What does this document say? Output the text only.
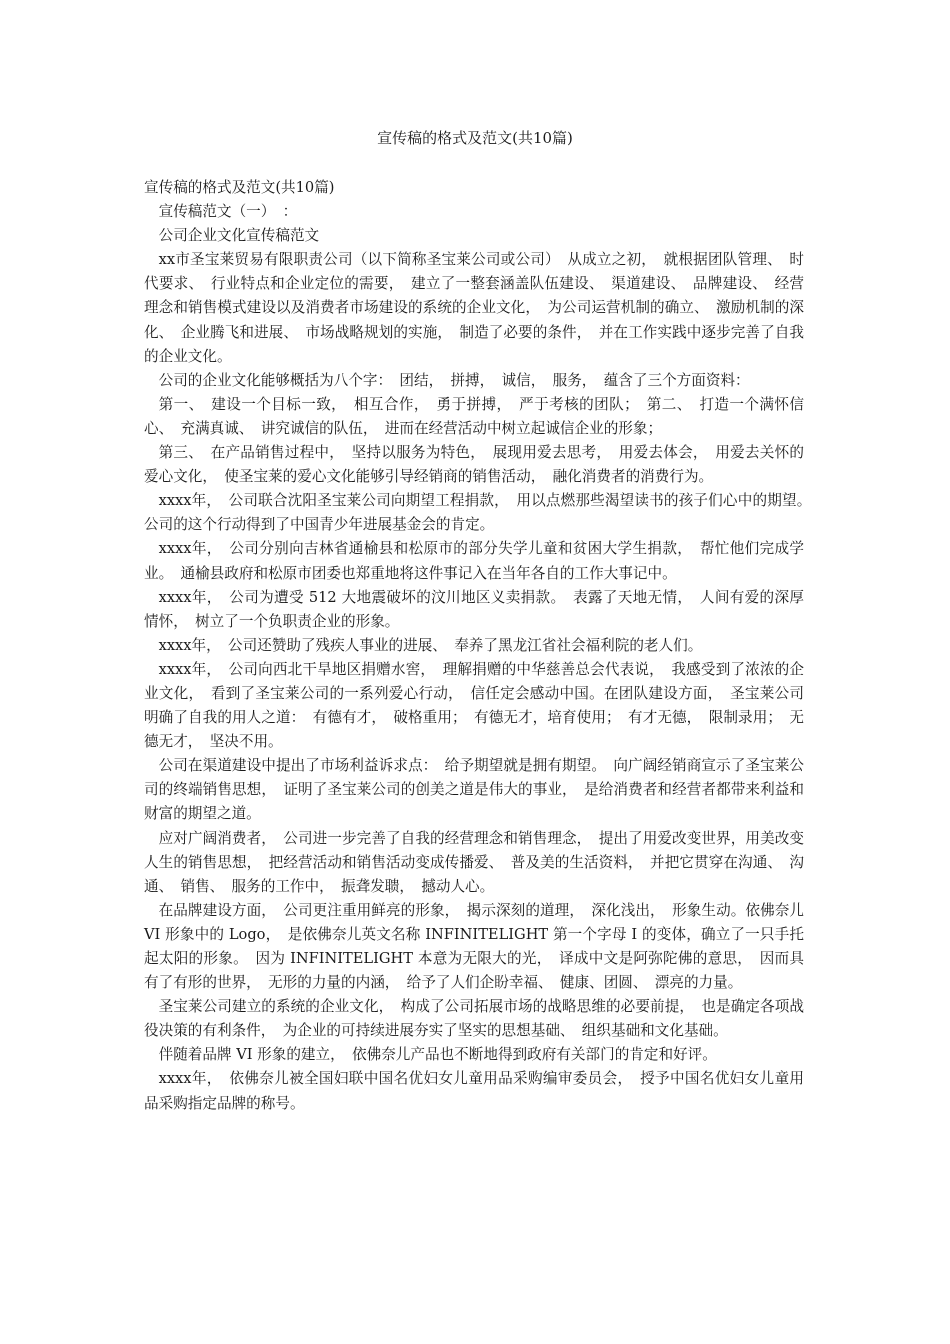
宣传稿的格式及范文(共10篇)

宣传稿的格式及范文(共10篇)

宣传稿范文（一）　：

公司企业文化宣传稿范文

xx市圣宝莱贸易有限职责公司（以下简称圣宝莱公司或公司）　从成立之初，　就根据团队管理、　时代要求、　行业特点和企业定位的需要，　建立了一整套涵盖队伍建设、　渠道建设、　品牌建设、　经营理念和销售模式建设以及消费者市场建设的系统的企业文化，　为公司运营机制的确立、　激励机制的深化、　企业腾飞和进展、　市场战略规划的实施，　制造了必要的条件，　并在工作实践中逐步完善了自我的企业文化。

公司的企业文化能够概括为八个字：　团结，　拼搏，　诚信，　服务，　蕴含了三个方面资料：

第一、　建设一个目标一致，　相互合作，　勇于拼搏，　严于考核的团队；　第二、　打造一个满怀信心、　充满真诚、　讲究诚信的队伍，　进而在经营活动中树立起诚信企业的形象；

第三、　在产品销售过程中，　坚持以服务为特色，　展现用爱去思考，　用爱去体会，　用爱去关怀的爱心文化，　使圣宝莱的爱心文化能够引导经销商的销售活动，　融化消费者的消费行为。

xxxx年，　公司联合沈阳圣宝莱公司向期望工程捐款，　用以点燃那些渴望读书的孩子们心中的期望。　公司的这个行动得到了中国青少年进展基金会的肯定。

xxxx年，　公司分别向吉林省通榆县和松原市的部分失学儿童和贫困大学生捐款，　帮忙他们完成学业。　通榆县政府和松原市团委也郑重地将这件事记入在当年各自的工作大事记中。

xxxx年，　公司为遭受 512 大地震破坏的汶川地区义卖捐款。　表露了天地无情，　人间有爱的深厚情怀，　树立了一个负职责企业的形象。

xxxx年，　公司还赞助了残疾人事业的进展、　奉养了黑龙江省社会福利院的老人们。

xxxx年，　公司向西北干旱地区捐赠水窖，　理解捐赠的中华慈善总会代表说，　我感受到了浓浓的企业文化，　看到了圣宝莱公司的一系列爱心行动，　信任定会感动中国。在团队建设方面，　圣宝莱公司明确了自我的用人之道：　有德有才，　破格重用；　有德无才，培育使用；　有才无德，　限制录用；　无德无才，　坚决不用。

公司在渠道建设中提出了市场利益诉求点：　给予期望就是拥有期望。　向广阔经销商宣示了圣宝莱公司的终端销售思想，　证明了圣宝莱公司的创美之道是伟大的事业，　是给消费者和经营者都带来利益和财富的期望之道。

应对广阔消费者，　公司进一步完善了自我的经营理念和销售理念，　提出了用爱改变世界，用美改变人生的销售思想，　把经营活动和销售活动变成传播爱、　普及美的生活资料，　并把它贯穿在沟通、　沟通、　销售、　服务的工作中，　振聋发聩，　撼动人心。

在品牌建设方面，　公司更注重用鲜亮的形象，　揭示深刻的道理，　深化浅出，　形象生动。依佛奈儿 VI 形象中的 Logo，　是依佛奈儿英文名称 INFINITELIGHT 第一个字母 I 的变体，确立了一只手托起太阳的形象。　因为 INFINITELIGHT 本意为无限大的光，　译成中文是阿弥陀佛的意思，　因而具有了有形的世界，　无形的力量的内涵，　给予了人们企盼幸福、　健康、团圆、　漂亮的力量。

圣宝莱公司建立的系统的企业文化，　构成了公司拓展市场的战略思维的必要前提，　也是确定各项战役决策的有利条件，　为企业的可持续进展夯实了坚实的思想基础、　组织基础和文化基础。

伴随着品牌 VI 形象的建立，　依佛奈儿产品也不断地得到政府有关部门的肯定和好评。

xxxx年，　依佛奈儿被全国妇联中国名优妇女儿童用品采购编审委员会，　授予中国名优妇女儿童用品采购指定品牌的称号。
